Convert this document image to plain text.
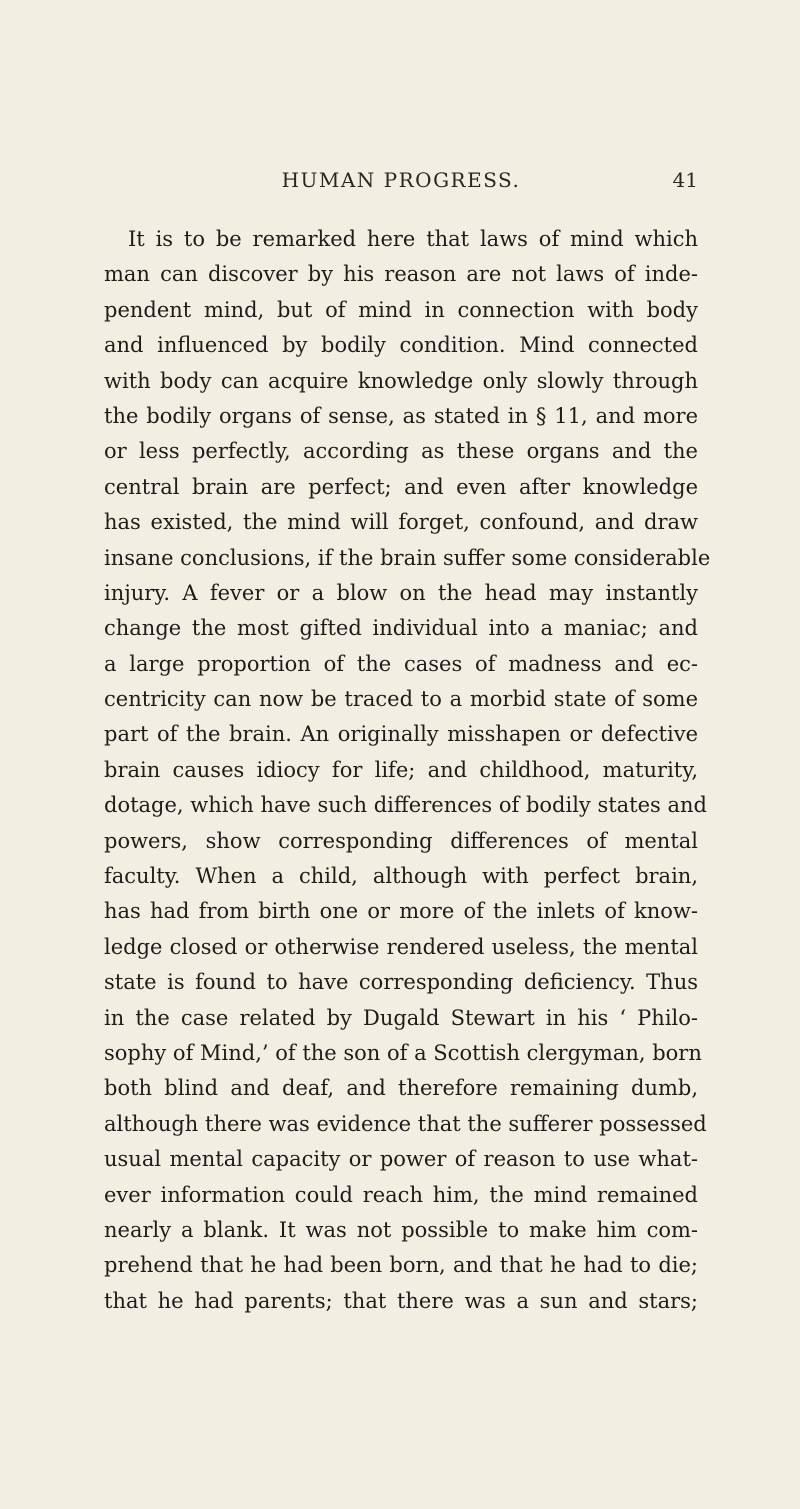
HUMAN PROGRESS.	41
It is to be remarked here that laws of mind which
man can discover by his reason are not laws of inde-
pendent mind, but of mind in connection with body
and influenced by bodily condition. Mind connected
with body can acquire knowledge only slowly through
the bodily organs of sense, as stated in § 11, and more
or less perfectly, according as these organs and the
central brain are perfect; and even after knowledge
has existed, the mind will forget, confound, and draw
insane conclusions, if the brain suffer some considerable
injury. A fever or a blow on the head may instantly
change the most gifted individual into a maniac; and
a large proportion of the cases of madness and ec-
centricity can now be traced to a morbid state of some
part of the brain. An originally misshapen or defective
brain causes idiocy for life; and childhood, maturity,
dotage, which have such differences of bodily states and
powers, show corresponding differences of mental
faculty. When a child, although with perfect brain,
has had from birth one or more of the inlets of know-
ledge closed or otherwise rendered useless, the mental
state is found to have corresponding deficiency. Thus
in the case related by Dugald Stewart in his ‘ Philo-
sophy of Mind,’ of the son of a Scottish clergyman, born
both blind and deaf, and therefore remaining dumb,
although there was evidence that the sufferer possessed
usual mental capacity or power of reason to use what-
ever information could reach him, the mind remained
nearly a blank. It was not possible to make him com-
prehend that he had been born, and that he had to die;
that he had parents; that there was a sun and stars;
